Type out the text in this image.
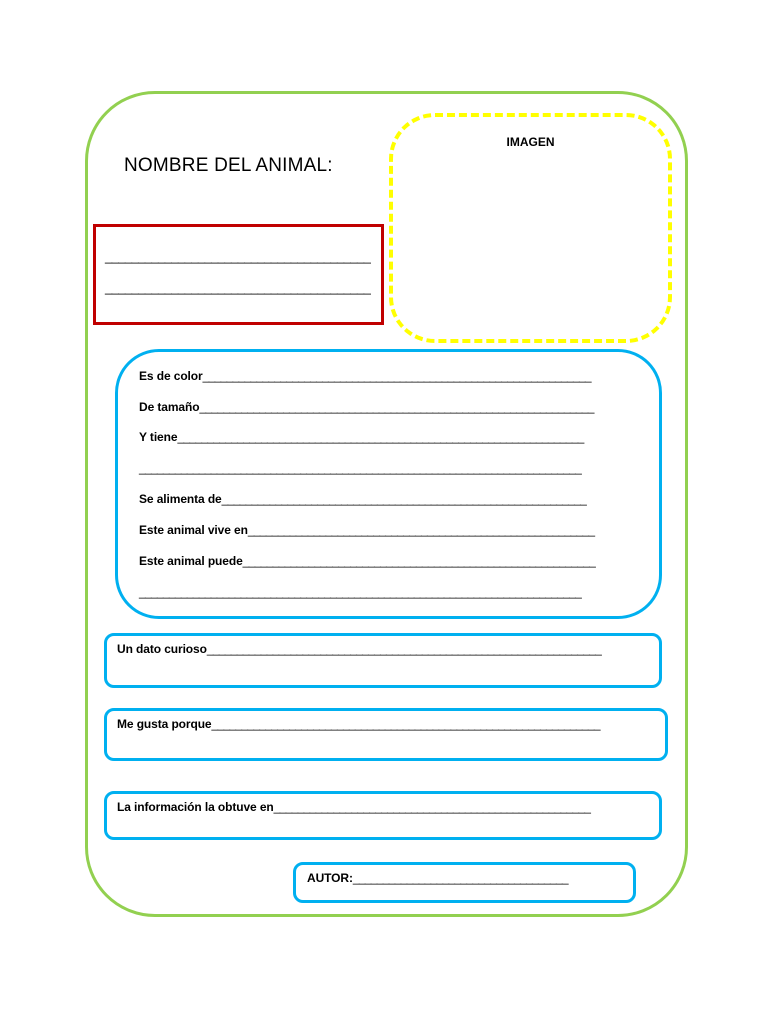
NOMBRE DEL ANIMAL:
IMAGEN
________________________________________
________________________________________
Es de color_________________________________________________________________
De tamaño__________________________________________________________________
Y tiene____________________________________________________________________
__________________________________________________________________________
Se alimenta de_____________________________________________________________
Este animal vive en__________________________________________________________
Este animal puede___________________________________________________________
__________________________________________________________________________
Un dato curioso__________________________________________________________________
Me gusta porque_________________________________________________________________
La información la obtuve en_____________________________________________________
AUTOR:____________________________________
